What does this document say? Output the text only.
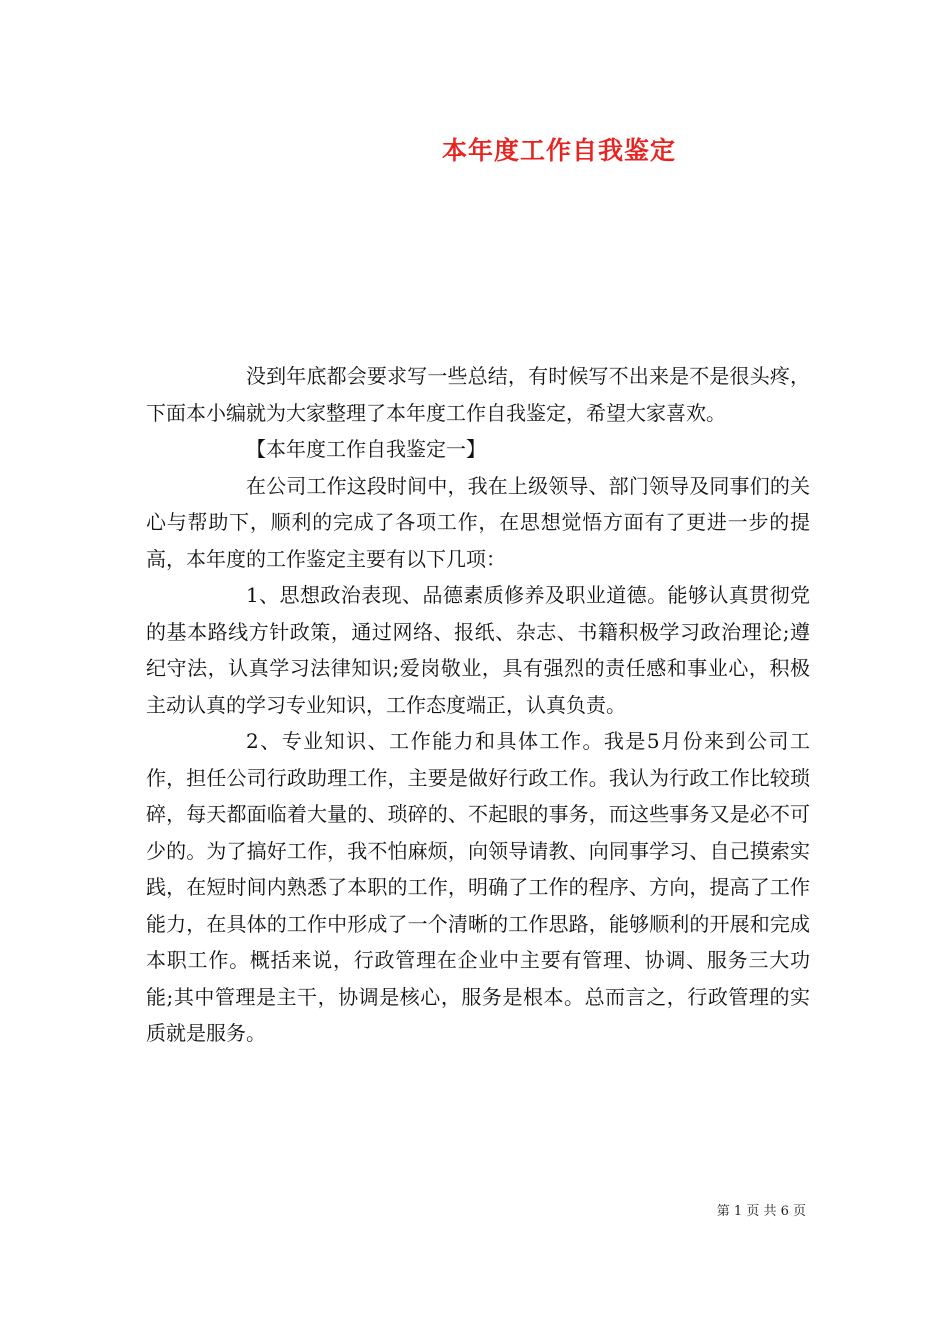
本年度工作自我鉴定

没到年底都会要求写一些总结，有时候写不出来是不是很头疼，下面本小编就为大家整理了本年度工作自我鉴定，希望大家喜欢。

【本年度工作自我鉴定一】

在公司工作这段时间中，我在上级领导、部门领导及同事们的关心与帮助下，顺利的完成了各项工作，在思想觉悟方面有了更进一步的提高，本年度的工作鉴定主要有以下几项：

1、思想政治表现、品德素质修养及职业道德。能够认真贯彻党的基本路线方针政策，通过网络、报纸、杂志、书籍积极学习政治理论;遵纪守法，认真学习法律知识;爱岗敬业，具有强烈的责任感和事业心，积极主动认真的学习专业知识，工作态度端正，认真负责。

2、专业知识、工作能力和具体工作。我是5月份来到公司工作，担任公司行政助理工作，主要是做好行政工作。我认为行政工作比较琐碎，每天都面临着大量的、琐碎的、不起眼的事务，而这些事务又是必不可少的。为了搞好工作，我不怕麻烦，向领导请教、向同事学习、自己摸索实践，在短时间内熟悉了本职的工作，明确了工作的程序、方向，提高了工作能力，在具体的工作中形成了一个清晰的工作思路，能够顺利的开展和完成本职工作。概括来说，行政管理在企业中主要有管理、协调、服务三大功能;其中管理是主干，协调是核心，服务是根本。总而言之，行政管理的实质就是服务。

第 1 页 共 6 页
